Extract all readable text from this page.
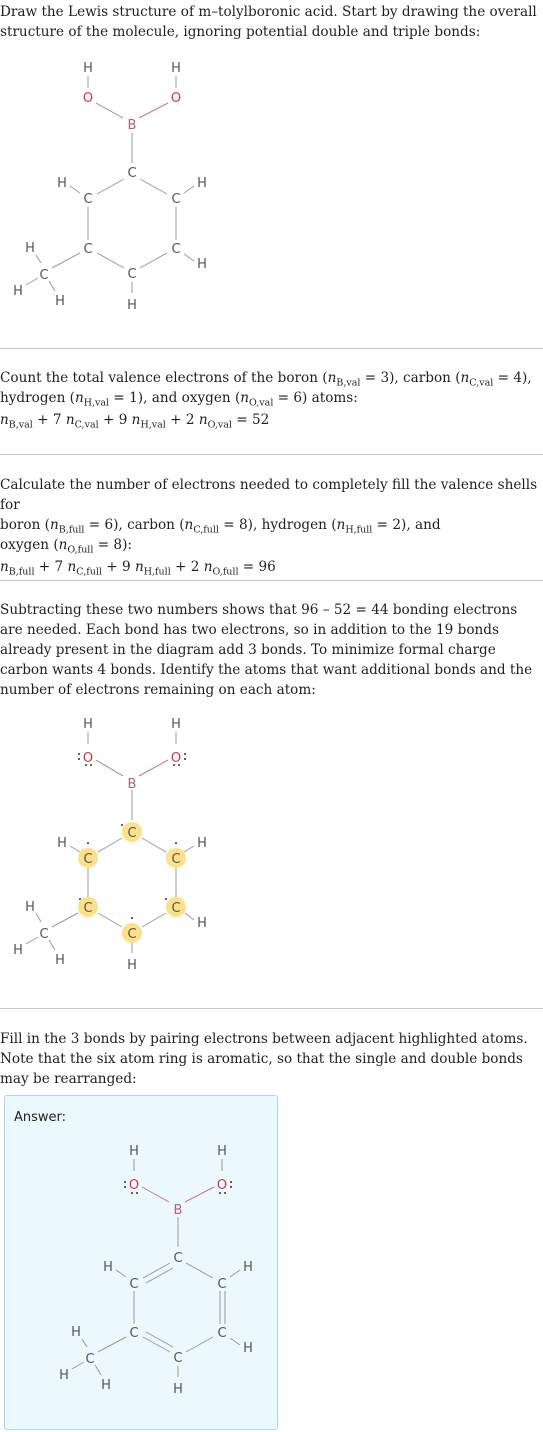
Draw the Lewis structure of m–tolylboronic acid. Start by drawing the overall structure of the molecule, ignoring potential double and triple bonds:

H	H
O	O
B
C
C	C
C	C
C
H	H
H
H
C
H
H
H
Count the total valence electrons of the boron $(n_{B,val} = 3)$, carbon $(n_{C,val} = 4)$,
hydrogen $(n_{H,val} = 1)$, and oxygen $(n_{O,val} = 6)$ atoms:
$n_{B,val} + 7$ $n_{C,val} + 9$ $n_{H,val} + 2$ $n_{O,val} = 52$
Calculate the number of electrons needed to completely fill the valence shells for
boron $(n_{B,full} = 6)$, carbon $(n_{C,full} = 8)$, hydrogen $(n_{H,full} = 2)$, and
oxygen $(n_{O,full} = 8)$:
$n_{B,full} + 7$ $n_{C,full} + 9$ $n_{H,full} + 2$ $n_{O,full} = 96$

Subtracting these two numbers shows that 96 – 52 = 44 bonding electrons are needed. Each bond has two electrons, so in addition to the 19 bonds already present in the diagram add 3 bonds. To minimize formal charge carbon wants 4 bonds. Identify the atoms that want additional bonds and the number of electrons remaining on each atom:

H	H
O	O
B
C
C	C
C	C
C
H	H
H
H
C
H
H
H

Fill in the 3 bonds by pairing electrons between adjacent highlighted atoms. Note that the six atom ring is aromatic, so that the single and double bonds may be rearranged:

Answer:
H	H
O	O
B
C
C	C
C	C
C
H	H
H
H
C
H
H
H
